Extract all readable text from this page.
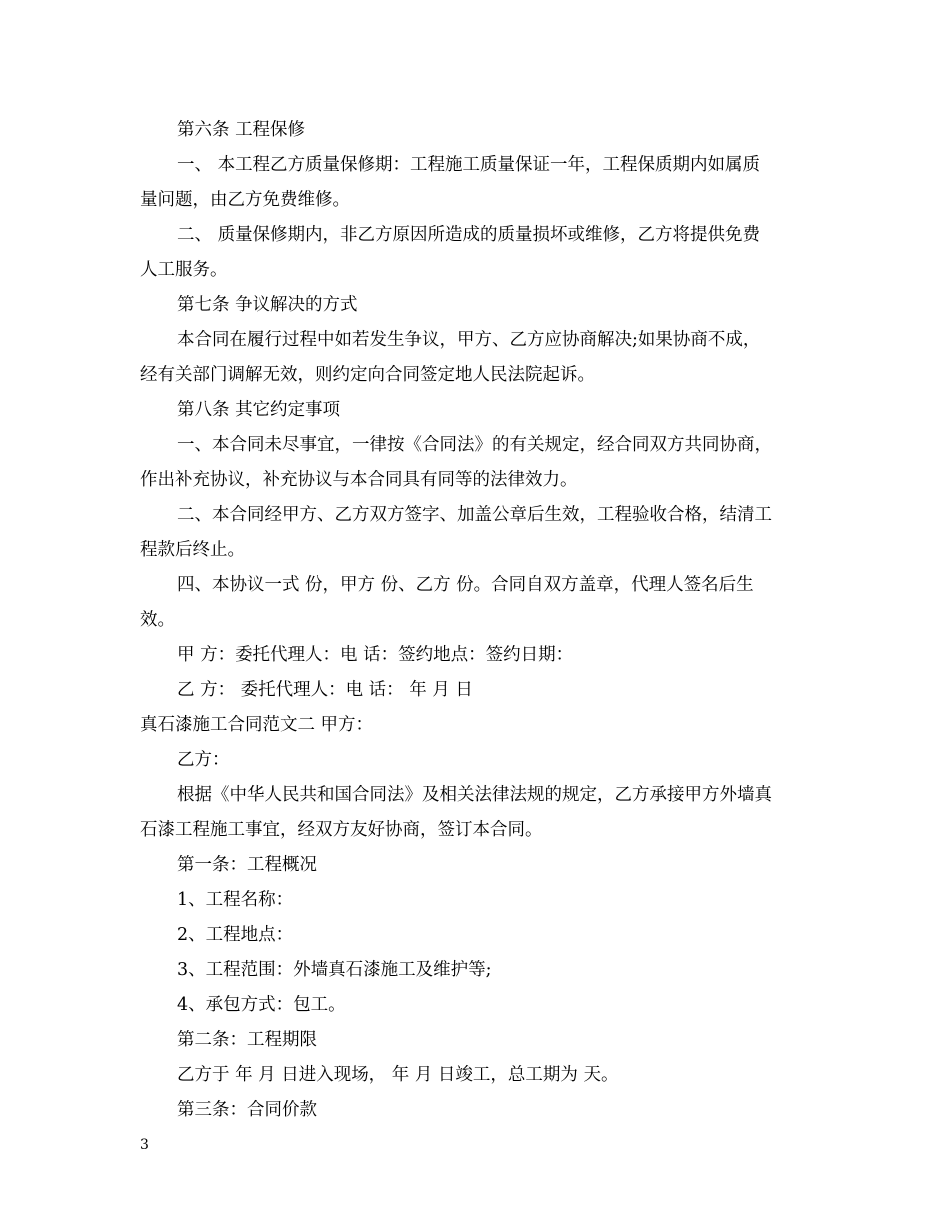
第六条 工程保修
一、 本工程乙方质量保修期：工程施工质量保证一年，工程保质期内如属质
量问题，由乙方免费维修。
二、 质量保修期内，非乙方原因所造成的质量损坏或维修，乙方将提供免费
人工服务。
第七条 争议解决的方式
本合同在履行过程中如若发生争议，甲方、乙方应协商解决;如果协商不成，
经有关部门调解无效，则约定向合同签定地人民法院起诉。
第八条 其它约定事项
一、本合同未尽事宜，一律按《合同法》的有关规定，经合同双方共同协商，
作出补充协议，补充协议与本合同具有同等的法律效力。
二、本合同经甲方、乙方双方签字、加盖公章后生效，工程验收合格，结清工
程款后终止。
四、本协议一式 份，甲方 份、乙方 份。合同自双方盖章，代理人签名后生
效。
甲 方：委托代理人：电 话：签约地点：签约日期：
乙 方： 委托代理人：电 话： 年 月 日
真石漆施工合同范文二 甲方：
乙方：
根据《中华人民共和国合同法》及相关法律法规的规定，乙方承接甲方外墙真
石漆工程施工事宜，经双方友好协商，签订本合同。
第一条：工程概况
1、工程名称：
2、工程地点：
3、工程范围：外墙真石漆施工及维护等;
4、承包方式：包工。
第二条：工程期限
乙方于 年 月 日进入现场， 年 月 日竣工，总工期为 天。
第三条：合同价款
3
